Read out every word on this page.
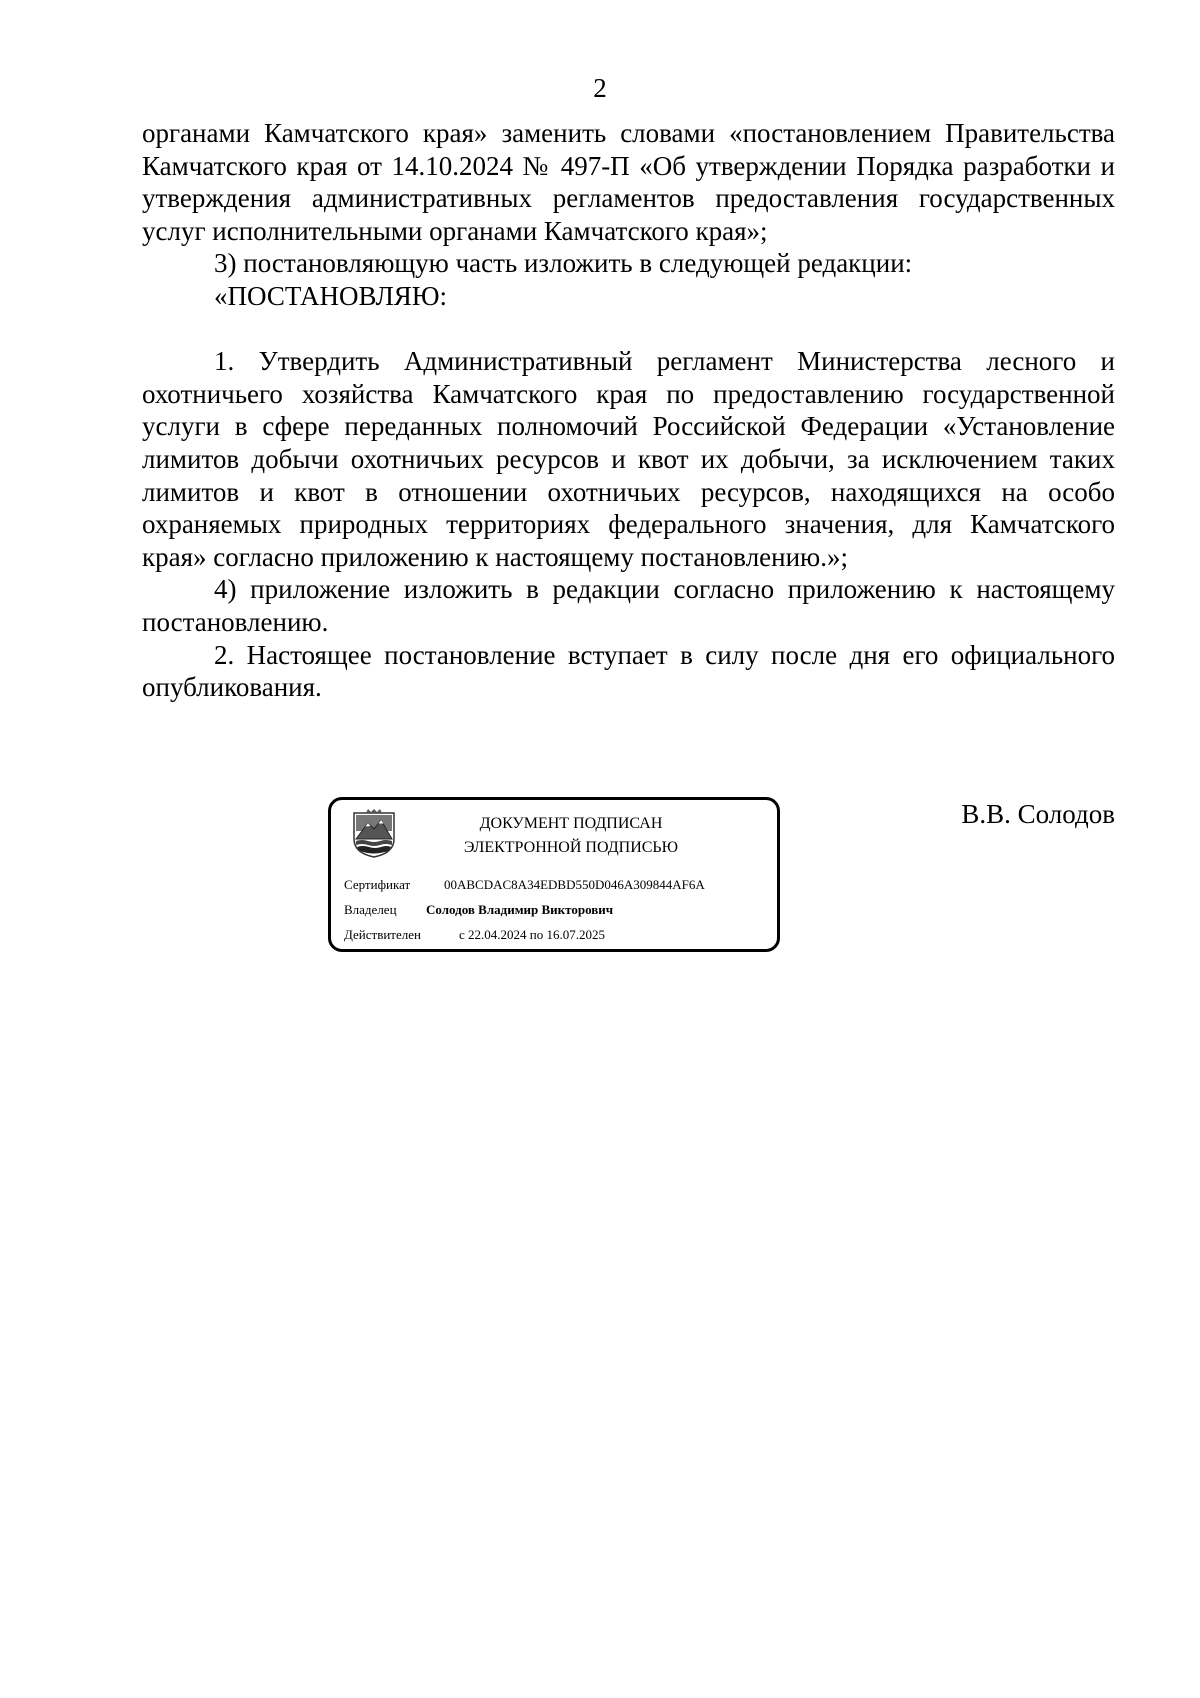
2

органами Камчатского края» заменить словами «постановлением Правительства Камчатского края от 14.10.2024 № 497-П «Об утверждении Порядка разработки и утверждения административных регламентов предоставления государственных услуг исполнительными органами Камчатского края»;

3) постановляющую часть изложить в следующей редакции:

«ПОСТАНОВЛЯЮ:

1. Утвердить Административный регламент Министерства лесного и охотничьего хозяйства Камчатского края по предоставлению государственной услуги в сфере переданных полномочий Российской Федерации «Установление лимитов добычи охотничьих ресурсов и квот их добычи, за исключением таких лимитов и квот в отношении охотничьих ресурсов, находящихся на особо охраняемых природных территориях федерального значения, для Камчатского края» согласно приложению к настоящему постановлению.»;

4) приложение изложить в редакции согласно приложению к настоящему постановлению.

2. Настоящее постановление вступает в силу после дня его официального опубликования.

ДОКУМЕНТ ПОДПИСАН
ЭЛЕКТРОННОЙ ПОДПИСЬЮ
Сертификат	00ABCDAC8A34EDBD550D046A309844AF6A
Владелец Солодов Владимир Викторович
Действителен	с 22.04.2024 по 16.07.2025
В.В. Солодов
